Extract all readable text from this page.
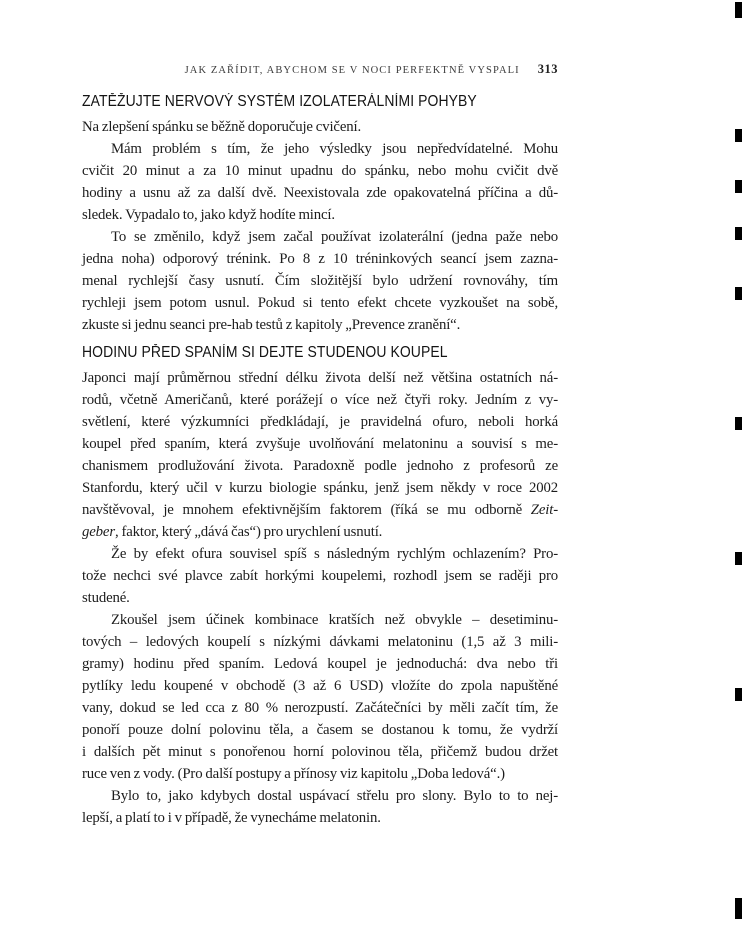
JAK ZAŘÍDIT, ABYCHOM SE V NOCI PERFEKTNĚ VYSPALI 313
ZATĚŽUJTE NERVOVÝ SYSTÉM IZOLATERÁLNÍMI POHYBY
Na zlepšení spánku se běžně doporučuje cvičení.
Mám problém s tím, že jeho výsledky jsou nepředvídatelné. Mohu
cvičit 20 minut a za 10 minut upadnu do spánku, nebo mohu cvičit dvě
hodiny a usnu až za další dvě. Neexistovala zde opakovatelná příčina a dů-
sledek. Vypadalo to, jako když hodíte mincí.
To se změnilo, když jsem začal používat izolaterální (jedna paže nebo
jedna noha) odporový trénink. Po 8 z 10 tréninkových seancí jsem zazna-
menal rychlejší časy usnutí. Čím složitější bylo udržení rovnováhy, tím
rychleji jsem potom usnul. Pokud si tento efekt chcete vyzkoušet na sobě,
zkuste si jednu seanci pre-hab testů z kapitoly „Prevence zranění“.
HODINU PŘED SPANÍM SI DEJTE STUDENOU KOUPEL
Japonci mají průměrnou střední délku života delší než většina ostatních ná-
rodů, včetně Američanů, které porážejí o více než čtyři roky. Jedním z vy-
světlení, které výzkumníci předkládají, je pravidelná ofuro, neboli horká
koupel před spaním, která zvyšuje uvolňování melatoninu a souvisí s me-
chanismem prodlužování života. Paradoxně podle jednoho z profesorů ze
Stanfordu, který učil v kurzu biologie spánku, jenž jsem někdy v roce 2002
navštěvoval, je mnohem efektivnějším faktorem (říká se mu odborně Zeit-
geber, faktor, který „dává čas“) pro urychlení usnutí.
Že by efekt ofura souvisel spíš s následným rychlým ochlazením? Pro-
tože nechci své plavce zabít horkými koupelemi, rozhodl jsem se raději pro
studené.
Zkoušel jsem účinek kombinace kratších než obvykle – desetiminu-
tových – ledových koupelí s nízkými dávkami melatoninu (1,5 až 3 mili-
gramy) hodinu před spaním. Ledová koupel je jednoduchá: dva nebo tři
pytlíky ledu koupené v obchodě (3 až 6 USD) vložíte do zpola napuštěné
vany, dokud se led cca z 80 % nerozpustí. Začátečníci by měli začít tím, že
ponoří pouze dolní polovinu těla, a časem se dostanou k tomu, že vydrží
i dalších pět minut s ponořenou horní polovinou těla, přičemž budou držet
ruce ven z vody. (Pro další postupy a přínosy viz kapitolu „Doba ledová“.)
Bylo to, jako kdybych dostal uspávací střelu pro slony. Bylo to to nej-
lepší, a platí to i v případě, že vynecháme melatonin.
